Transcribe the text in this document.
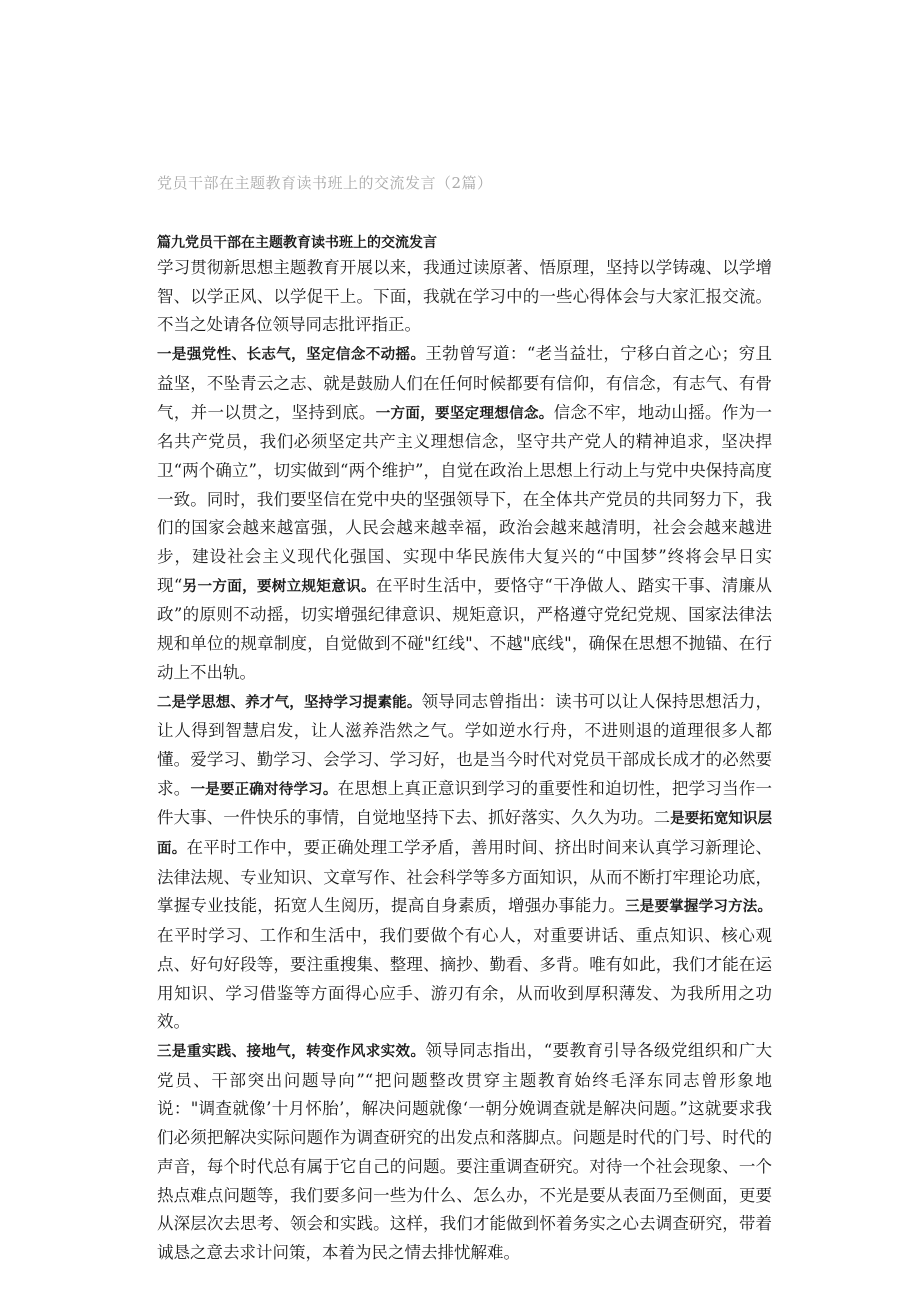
党员干部在主题教育读书班上的交流发言（2篇）

篇九党员干部在主题教育读书班上的交流发言

学习贯彻新思想主题教育开展以来，我通过读原著、悟原理，坚持以学铸魂、以学增智、以学正风、以学促干上。下面，我就在学习中的一些心得体会与大家汇报交流。不当之处请各位领导同志批评指正。

一是强党性、长志气，坚定信念不动摇。王勃曾写道：“老当益壮，宁移白首之心；穷且益坚，不坠青云之志、就是鼓励人们在任何时候都要有信仰，有信念，有志气、有骨气，并一以贯之，坚持到底。一方面，要坚定理想信念。信念不牢，地动山摇。作为一名共产党员，我们必须坚定共产主义理想信念，坚守共产党人的精神追求，坚决捍卫“两个确立”，切实做到“两个维护”，自觉在政治上思想上行动上与党中央保持高度一致。同时，我们要坚信在党中央的坚强领导下，在全体共产党员的共同努力下，我们的国家会越来越富强，人民会越来越幸福，政治会越来越清明，社会会越来越进步，建设社会主义现代化强国、实现中华民族伟大复兴的“中国梦”终将会早日实现“另一方面，要树立规矩意识。在平时生活中，要恪守“干净做人、踏实干事、清廉从政”的原则不动摇，切实增强纪律意识、规矩意识，严格遵守党纪党规、国家法律法规和单位的规章制度，自觉做到不碰"红线"、不越"底线"，确保在思想不抛锚、在行动上不出轨。

二是学思想、养才气，坚持学习提素能。领导同志曾指出：读书可以让人保持思想活力，让人得到智慧启发，让人滋养浩然之气。学如逆水行舟，不进则退的道理很多人都懂。爱学习、勤学习、会学习、学习好，也是当今时代对党员干部成长成才的必然要求。一是要正确对待学习。在思想上真正意识到学习的重要性和迫切性，把学习当作一件大事、一件快乐的事情，自觉地坚持下去、抓好落实、久久为功。二是要拓宽知识层面。在平时工作中，要正确处理工学矛盾，善用时间、挤出时间来认真学习新理论、法律法规、专业知识、文章写作、社会科学等多方面知识，从而不断打牢理论功底，掌握专业技能，拓宽人生阅历，提高自身素质，增强办事能力。三是要掌握学习方法。在平时学习、工作和生活中，我们要做个有心人，对重要讲话、重点知识、核心观点、好句好段等，要注重搜集、整理、摘抄、勤看、多背。唯有如此，我们才能在运用知识、学习借鉴等方面得心应手、游刃有余，从而收到厚积薄发、为我所用之功效。

三是重实践、接地气，转变作风求实效。领导同志指出，“要教育引导各级党组织和广大党员、干部突出问题导向”“把问题整改贯穿主题教育始终毛泽东同志曾形象地说："调查就像’十月怀胎’，解决问题就像‘一朝分娩调查就是解决问题。”这就要求我们必须把解决实际问题作为调查研究的出发点和落脚点。问题是时代的门号、时代的声音，每个时代总有属于它自己的问题。要注重调查研究。对待一个社会现象、一个热点难点问题等，我们要多问一些为什么、怎么办，不光是要从表面乃至侧面，更要从深层次去思考、领会和实践。这样，我们才能做到怀着务实之心去调查研究，带着诚恳之意去求计问策，本着为民之情去排忧解难。
